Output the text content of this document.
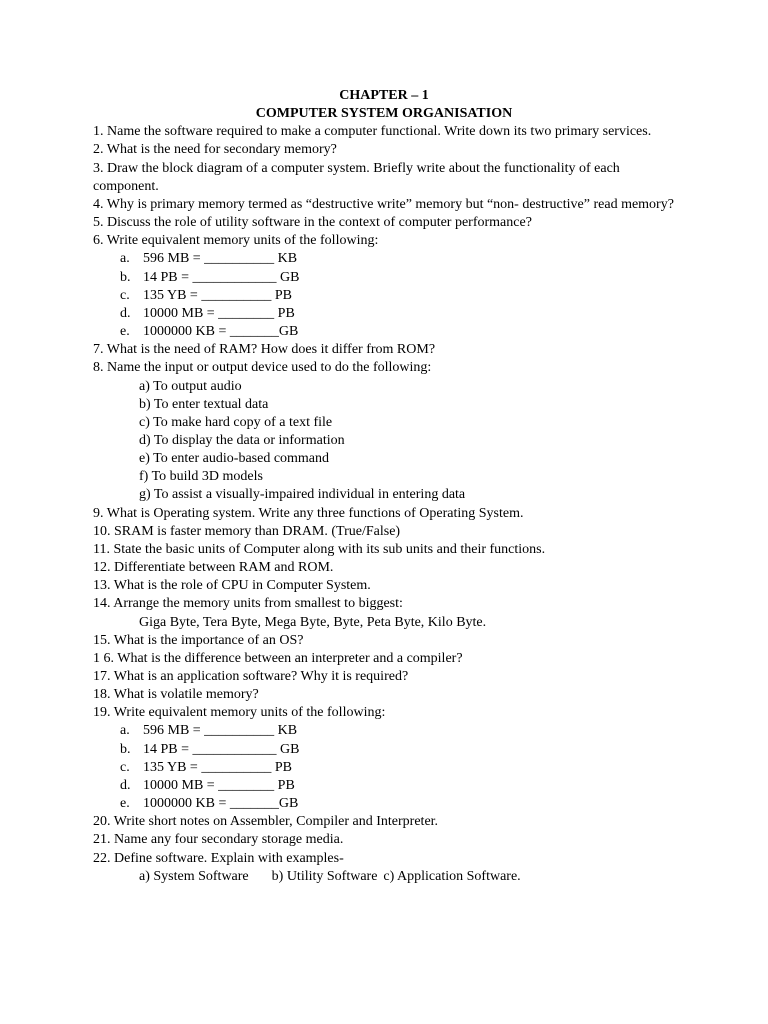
CHAPTER – 1
COMPUTER SYSTEM ORGANISATION
1. Name the software required to make a computer functional. Write down its two primary services.
2. What is the need for secondary memory?
3. Draw the block diagram of a computer system. Briefly write about the functionality of each component.
4. Why is primary memory termed as “destructive write” memory but “non- destructive” read memory?
5. Discuss the role of utility software in the context of computer performance?
6. Write equivalent memory units of the following:
a. 596 MB = __________ KB
b. 14 PB = ____________ GB
c. 135 YB = __________ PB
d. 10000 MB = ________ PB
e. 1000000 KB = _______GB
7. What is the need of RAM? How does it differ from ROM?
8. Name the input or output device used to do the following:
a) To output audio
b) To enter textual data
c) To make hard copy of a text file
d) To display the data or information
e) To enter audio-based command
f) To build 3D models
g) To assist a visually-impaired individual in entering data
9. What is Operating system. Write any three functions of Operating System.
10. SRAM is faster memory than DRAM. (True/False)
11. State the basic units of Computer along with its sub units and their functions.
12. Differentiate between RAM and ROM.
13. What is the role of CPU in Computer System.
14. Arrange the memory units from smallest to biggest:
Giga Byte, Tera Byte, Mega Byte, Byte, Peta Byte, Kilo Byte.
15. What is the importance of an OS?
1 6. What is the difference between an interpreter and a compiler?
17. What is an application software? Why it is required?
18. What is volatile memory?
19. Write equivalent memory units of the following:
a. 596 MB = __________ KB
b. 14 PB = ____________ GB
c. 135 YB = __________ PB
d. 10000 MB = ________ PB
e. 1000000 KB = _______GB
20. Write short notes on Assembler, Compiler and Interpreter.
21. Name any four secondary storage media.
22. Define software. Explain with examples-
a) System Software b) Utility Software c) Application Software.
